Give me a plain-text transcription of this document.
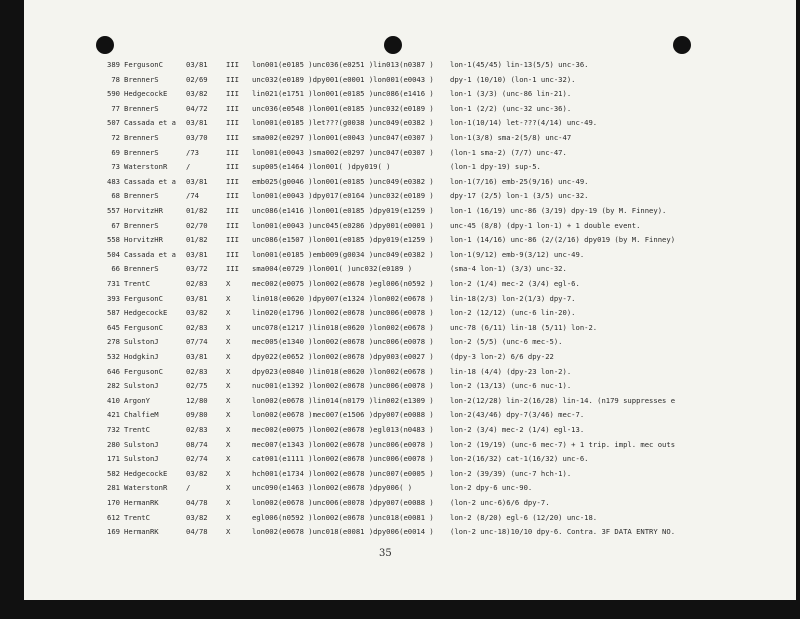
389 FergusonC	03/81	III lon001(e0185 )unc036(e0251 )lin013(n0387 ) lon-1(45/45) lin-13(5/5) unc-36.
78 BrennerS	02/69	III unc032(e0189 )dpy001(e0001 )lon001(e0043 ) dpy-1 (10/10) (lon-1 unc-32).
590 HedgecockE	03/82	III lin021(e1751 )lon001(e0185 )unc086(e1416 ) lon-1 (3/3) (unc-86 lin-21).
77 BrennerS	04/72	III unc036(e0548 )lon001(e0185 )unc032(e0189 ) lon-1 (2/2) (unc-32 unc-36).
507 Cassada et a 03/81	III lon001(e0185 )let???(g0038 )unc049(e0382 ) lon-1(10/14) let-???(4/14) unc-49.
72 BrennerS	03/70	III sma002(e0297 )lon001(e0043 )unc047(e0307 ) lon-1(3/8) sma-2(5/8) unc-47
69 BrennerS	/73	III lon001(e0043 )sma002(e0297 )unc047(e0307 ) (lon-1 sma-2) (7/7) unc-47.
73 WaterstonR	/	III sup005(e1464 )lon001( )dpy019( )	(lon-1 dpy-19) sup-5.
483 Cassada et a 03/81	III emb025(g0046 )lon001(e0185 )unc049(e0382 ) lon-1(7/16) emb-25(9/16) unc-49.
68 BrennerS	/74	III lon001(e0043 )dpy017(e0164 )unc032(e0189 ) dpy-17 (2/5) lon-1 (3/5) unc-32.
557 HorvitzHR	01/82	III unc086(e1416 )lon001(e0185 )dpy019(e1259 ) lon-1 (16/19) unc-86 (3/19) dpy-19 (by M. Finney).
67 BrennerS	02/70	III lon001(e0043 )unc045(e0286 )dpy001(e0001 ) unc-45 (8/8) (dpy-1 lon-1) + 1 double event.
558 HorvitzHR	01/82	III unc086(e1507 )lon001(e0185 )dpy019(e1259 ) lon-1 (14/16) unc-86 (2/(2/16) dpy019 (by M. Finney)
504 Cassada et a 03/81	III lon001(e0185 )emb009(g0034 )unc049(e0382 ) lon-1(9/12) emb-9(3/12) unc-49.
66 BrennerS	03/72	III sma004(e0729 )lon001( )unc032(e0189 )	(sma-4 lon-1) (3/3) unc-32.
731 TrentC	02/83	X	mec002(e0075 )lon002(e0678 )egl006(n0592 ) lon-2 (1/4) mec-2 (3/4) egl-6.
393 FergusonC	03/81	X	lin018(e0620 )dpy007(e1324 )lon002(e0678 ) lin-18(2/3) lon-2(1/3) dpy-7.
587 HedgecockE	03/82	X	lin020(e1796 )lon002(e0678 )unc006(e0078 ) lon-2 (12/12) (unc-6 lin-20).
645 FergusonC	02/83	X	unc078(e1217 )lin018(e0620 )lon002(e0678 ) unc-78 (6/11) lin-18 (5/11) lon-2.
278 SulstonJ	07/74	X	mec005(e1340 )lon002(e0678 )unc006(e0078 ) lon-2 (5/5) (unc-6 mec-5).
532 HodgkinJ	03/81	X	dpy022(e0652 )lon002(e0678 )dpy003(e0027 ) (dpy-3 lon-2) 6/6 dpy-22
646 FergusonC	02/83	X	dpy023(e0840 )lin018(e0620 )lon002(e0678 ) lin-18 (4/4) (dpy-23 lon-2).
282 SulstonJ	02/75	X	nuc001(e1392 )lon002(e0678 )unc006(e0078 ) lon-2 (13/13) (unc-6 nuc-1).
410 ArgonY	12/80	X	lon002(e0678 )lin014(n0179 )lin002(e1309 ) lon-2(12/28) lin-2(16/28) lin-14. (n179 suppresses e
421 ChalfieM	09/80	X	lon002(e0678 )mec007(e1506 )dpy007(e0088 ) lon-2(43/46) dpy-7(3/46) mec-7.
732 TrentC	02/83	X	mec002(e0075 )lon002(e0678 )egl013(n0483 ) lon-2 (3/4) mec-2 (1/4) egl-13.
280 SulstonJ	08/74	X	mec007(e1343 )lon002(e0678 )unc006(e0078 ) lon-2 (19/19) (unc-6 mec-7) + 1 trip. impl. mec outs
171 SulstonJ	02/74	X	cat001(e1111 )lon002(e0678 )unc006(e0078 ) lon-2(16/32) cat-1(16/32) unc-6.
582 HedgecockE	03/82	X	hch001(e1734 )lon002(e0678 )unc007(e0005 ) lon-2 (39/39) (unc-7 hch-1).
281 WaterstonR	/	X	unc090(e1463 )lon002(e0678 )dpy006( )	lon-2 dpy-6 unc-90.
170 HermanRK	04/78	X	lon002(e0678 )unc006(e0078 )dpy007(e0088 ) (lon-2 unc-6)6/6 dpy-7.
612 TrentC	03/82	X	egl006(n0592 )lon002(e0678 )unc018(e0081 ) lon-2 (8/20) egl-6 (12/20) unc-18.
169 HermanRK	04/78	X	lon002(e0678 )unc018(e0081 )dpy006(e0014 ) (lon-2 unc-18)10/10 dpy-6. Contra. 3F DATA ENTRY NO.
35
